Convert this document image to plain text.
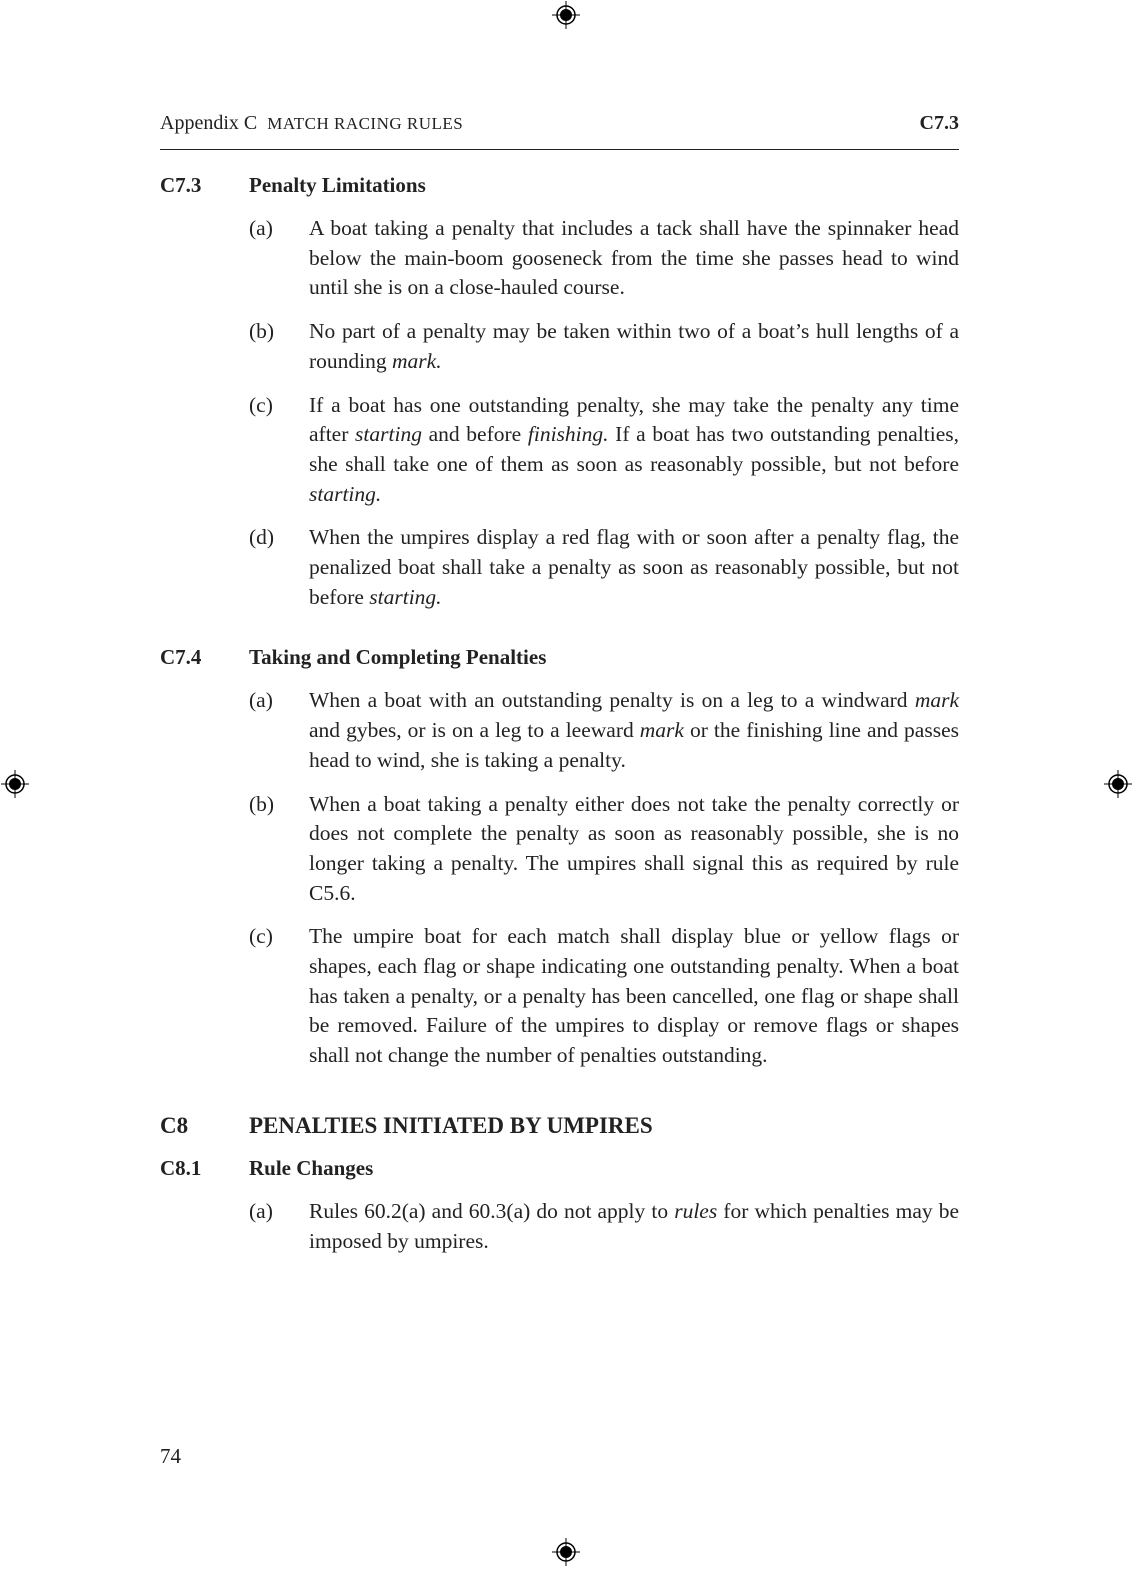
Appendix C MATCH RACING RULES	C7.3
C7.3	Penalty Limitations
(a)	A boat taking a penalty that includes a tack shall have the spinnaker head below the main-boom gooseneck from the time she passes head to wind until she is on a close-hauled course.
(b)	No part of a penalty may be taken within two of a boat’s hull lengths of a rounding mark.
(c)	If a boat has one outstanding penalty, she may take the penalty any time after starting and before finishing. If a boat has two outstanding penalties, she shall take one of them as soon as reasonably possible, but not before starting.
(d)	When the umpires display a red flag with or soon after a penalty flag, the penalized boat shall take a penalty as soon as reasonably possible, but not before starting.
C7.4	Taking and Completing Penalties
(a)	When a boat with an outstanding penalty is on a leg to a windward mark and gybes, or is on a leg to a leeward mark or the finishing line and passes head to wind, she is taking a penalty.
(b)	When a boat taking a penalty either does not take the penalty correctly or does not complete the penalty as soon as reasonably possible, she is no longer taking a penalty. The umpires shall signal this as required by rule C5.6.
(c)	The umpire boat for each match shall display blue or yellow flags or shapes, each flag or shape indicating one outstanding penalty. When a boat has taken a penalty, or a penalty has been cancelled, one flag or shape shall be removed. Failure of the umpires to display or remove flags or shapes shall not change the number of penalties outstanding.
C8	PENALTIES INITIATED BY UMPIRES
C8.1	Rule Changes
(a)	Rules 60.2(a) and 60.3(a) do not apply to rules for which penalties may be imposed by umpires.
74
